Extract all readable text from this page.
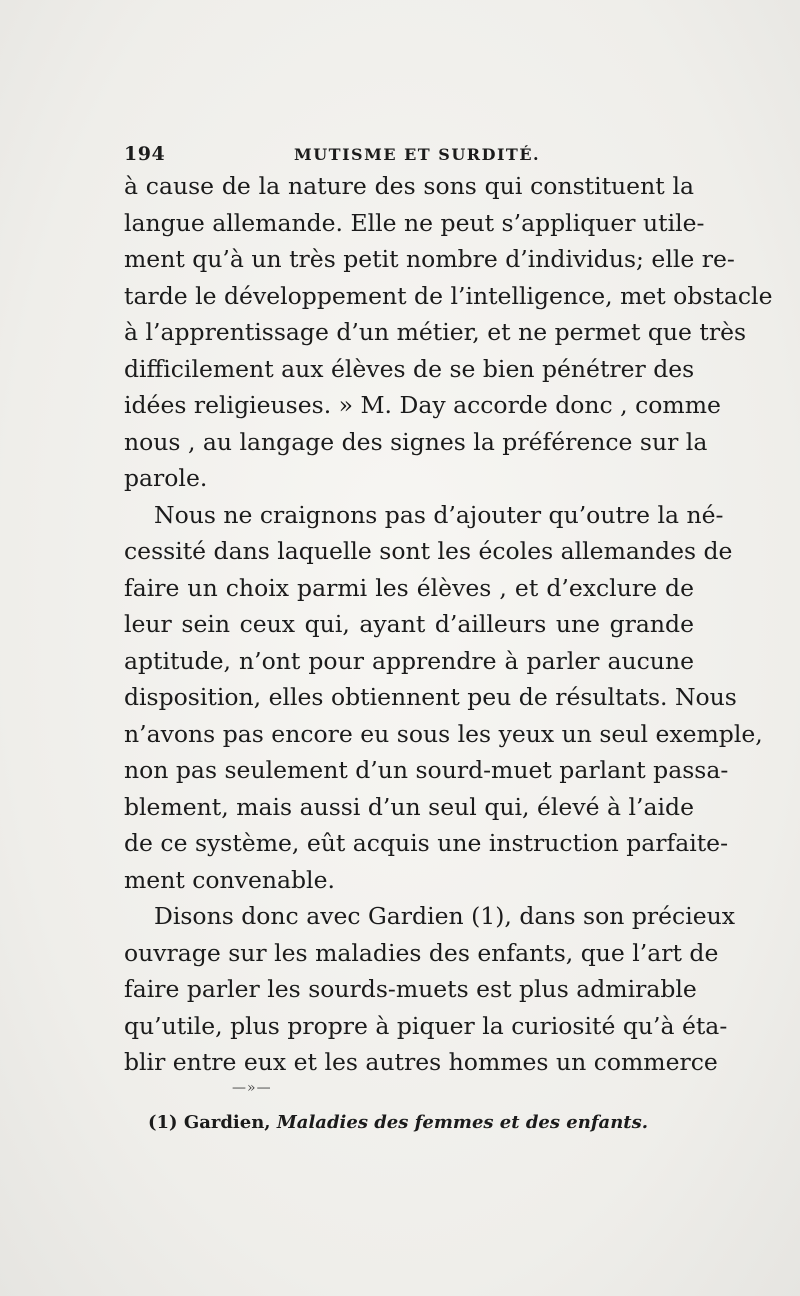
194	MUTISME ET SURDITÉ.
à cause de la nature des sons qui constituent la
langue allemande. Elle ne peut s’appliquer utile-
ment qu’à un très petit nombre d’individus; elle re-
tarde le développement de l’intelligence, met obstacle
à l’apprentissage d’un métier, et ne permet que très
difficilement aux élèves de se bien pénétrer des
idées religieuses. » M. Day accorde donc , comme
nous , au langage des signes la préférence sur la
parole.
Nous ne craignons pas d’ajouter qu’outre la né-
cessité dans laquelle sont les écoles allemandes de
faire un choix parmi les élèves , et d’exclure de
leur sein ceux qui, ayant d’ailleurs une grande
aptitude, n’ont pour apprendre à parler aucune
disposition, elles obtiennent peu de résultats. Nous
n’avons pas encore eu sous les yeux un seul exemple,
non pas seulement d’un sourd-muet parlant passa-
blement, mais aussi d’un seul qui, élevé à l’aide
de ce système, eût acquis une instruction parfaite-
ment convenable.
Disons donc avec Gardien (1), dans son précieux
ouvrage sur les maladies des enfants, que l’art de
faire parler les sourds-muets est plus admirable
qu’utile, plus propre à piquer la curiosité qu’à éta-
blir entre eux et les autres hommes un commerce
—»—
(1) Gardien, Maladies des femmes et des enfants.
